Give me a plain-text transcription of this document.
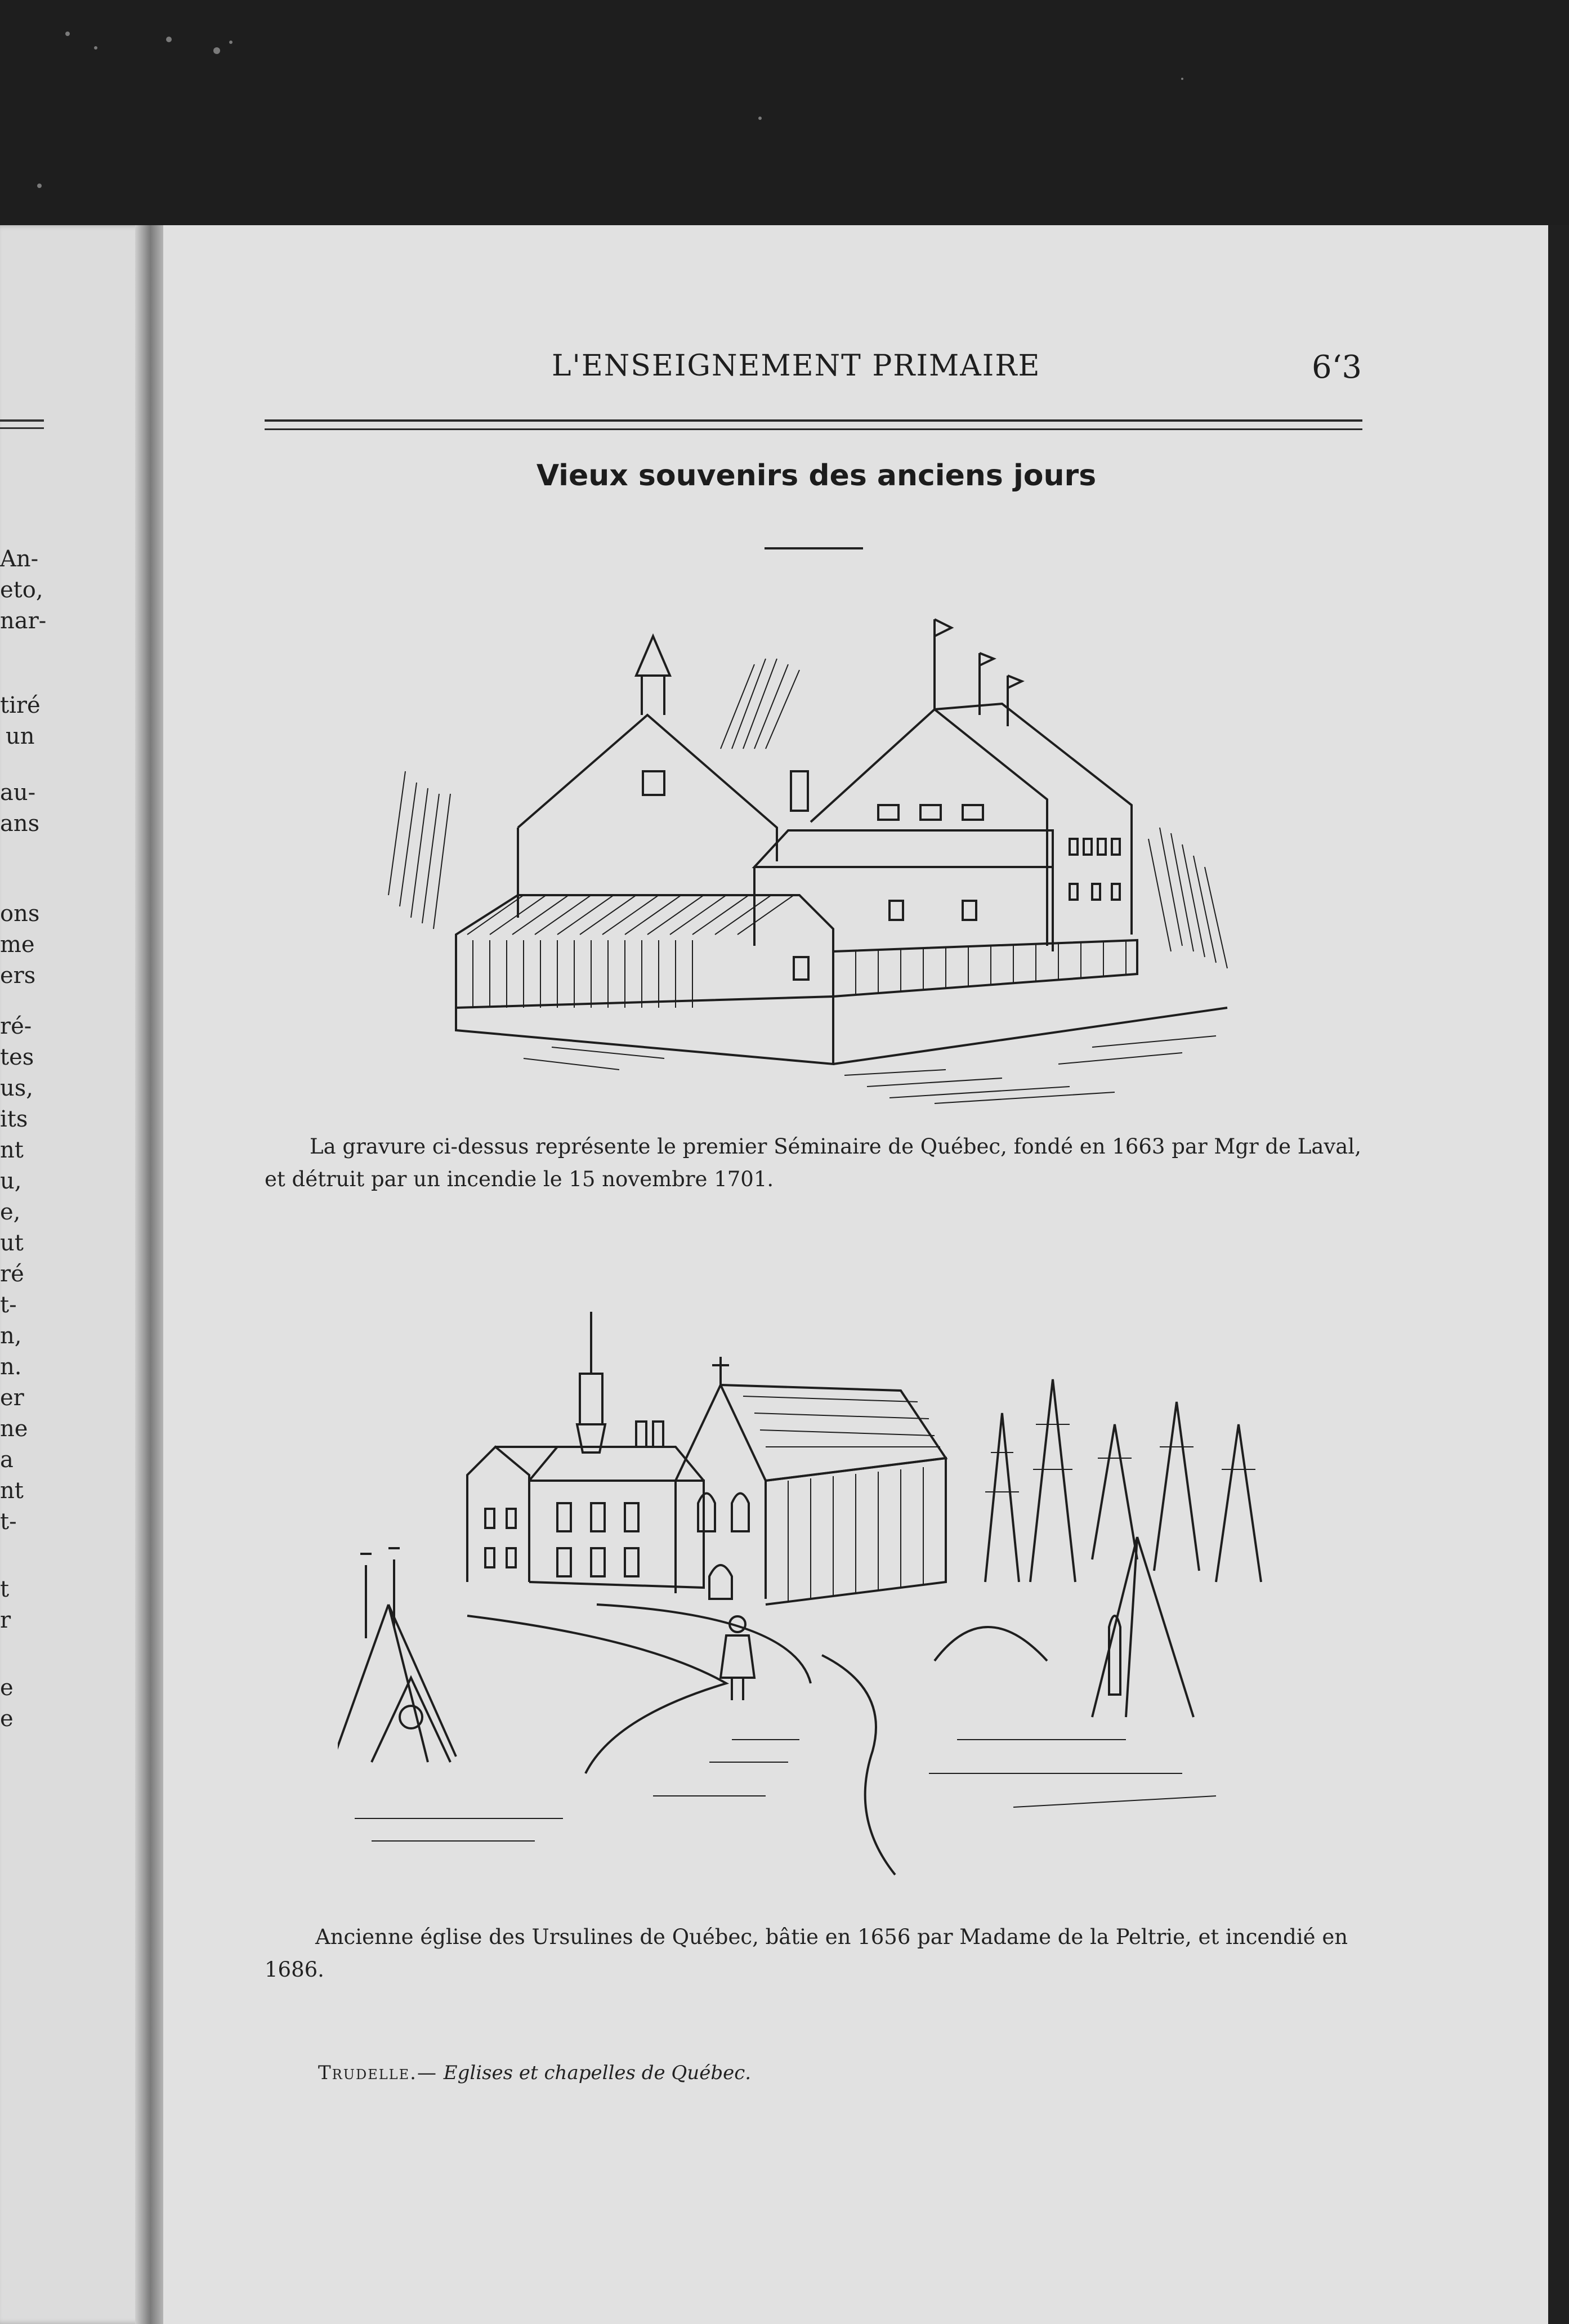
An-
eto,
nar-
tiré
un
au-
ans
ons
me
ers
ré-
tes
us,
its
nt
u,
e,
ut
ré
t-
n,
n.
er
ne
a
nt
t-
t
r
e
e
L'ENSEIGNEMENT PRIMAIRE	6ʻ3
Vieux souvenirs des anciens jours
La gravure ci-dessus représente le premier Séminaire de Québec, fondé en 1663 par Mgr de Laval, et détruit par un incendie le 15 novembre 1701.
Ancienne église des Ursulines de Québec, bâtie en 1656 par Madame de la Peltrie, et incendié en 1686.
Trudelle.— Eglises et chapelles de Québec.
